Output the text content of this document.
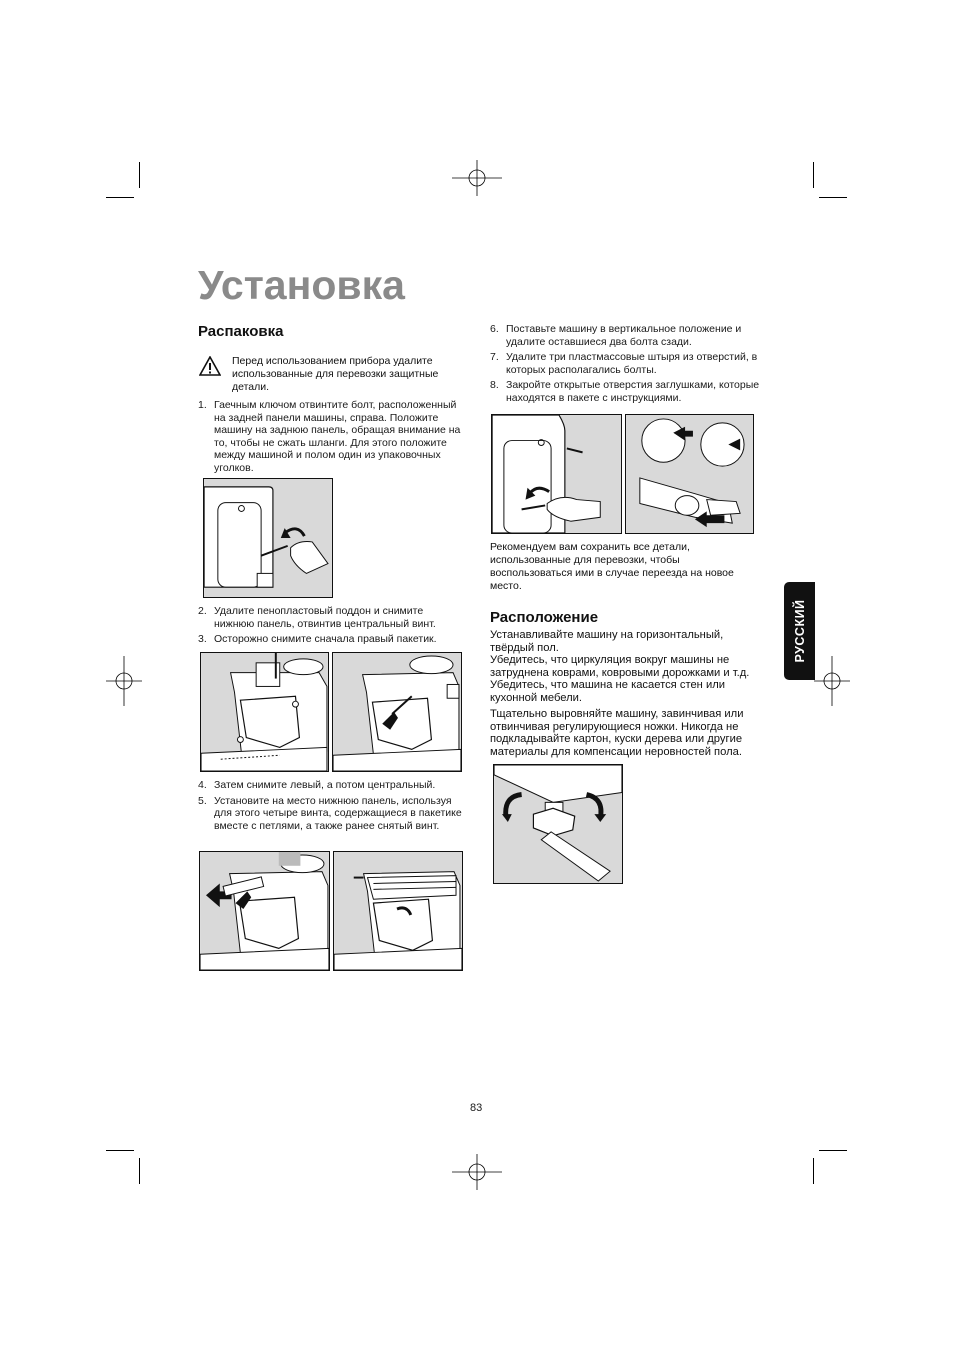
Установка
Распаковка
Перед использованием прибора удалите использованные для перевозки защитные детали.
1. Гаечным ключом отвинтите болт, расположенный на задней панели машины, справа. Положите машину на заднюю панель, обращая внимание на то, чтобы не сжать шланги. Для этого положите между машиной и полом один из упаковочных уголков.
2. Удалите пенопластовый поддон и снимите нижнюю панель, отвинтив центральный винт.
3. Осторожно снимите сначала правый пакетик.
4. Затем снимите левый, а потом центральный.
5. Установите на место нижнюю панель, используя для этого четыре винта, содержащиеся в пакетике вместе с петлями, а также ранее снятый винт.
6. Поставьте машину в вертикальное положение и удалите оставшиеся два болта сзади.
7. Удалите три пластмассовые штыря из отверстий, в которых располагались болты.
8. Закройте открытые отверстия заглушками, которые находятся в пакете с инструкциями.
Рекомендуем вам сохранить все детали, использованные для перевозки, чтобы воспользоваться ими в случае переезда на новое место.
Расположение
Устанавливайте машину на горизонтальный, твёрдый пол.
Убедитесь, что циркуляция вокруг машины не затруднена коврами, ковровыми дорожками и т.д. Убедитесь, что машина не касается стен или кухонной мебели.
Тщательно выровняйте машину, завинчивая или отвинчивая регулирующиеся ножки. Никогда не подкладывайте картон, куски дерева или другие материалы для компенсации неровностей пола.
РУССКИЙ
83
